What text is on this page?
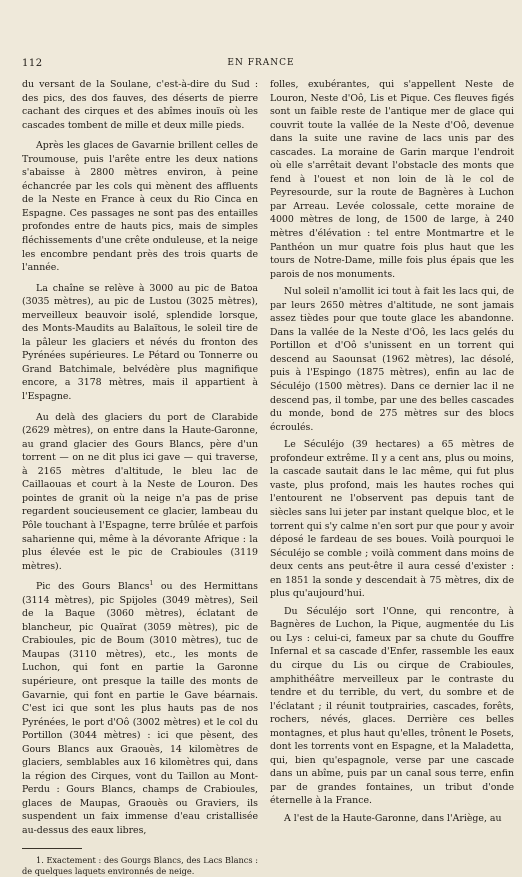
112	EN FRANCE

du versant de la Soulane, c'est-à-dire du Sud : des pics, des dos fauves, des déserts de pierre cachant des cirques et des abîmes inouïs où les cascades tombent de mille et deux mille pieds.

Après les glaces de Gavarnie brillent celles de Troumouse, puis l'arête entre les deux nations s'abaisse à 2800 mètres environ, à peine échancrée par les cols qui mènent des affluents de la Neste en France à ceux du Rio Cinca en Espagne. Ces passages ne sont pas des entailles profondes entre de hauts pics, mais de simples fléchissements d'une crête onduleuse, et la neige les encombre pendant près des trois quarts de l'année.

La chaîne se relève à 3000 au pic de Batoa (3035 mètres), au pic de Lustou (3025 mètres), merveilleux beauvoir isolé, splendide lorsque, des Monts-Maudits au Balaïtous, le soleil tire de la pâleur les glaciers et névés du fronton des Pyrénées supérieures. Le Pétard ou Tonnerre ou Grand Batchimale, belvédère plus magnifique encore, a 3178 mètres, mais il appartient à l'Espagne.

Au delà des glaciers du port de Clarabide (2629 mètres), on entre dans la Haute-Garonne, au grand glacier des Gours Blancs, père d'un torrent — on ne dit plus ici gave — qui traverse, à 2165 mètres d'altitude, le bleu lac de Caillaouas et court à la Neste de Louron. Des pointes de granit où la neige n'a pas de prise regardent soucieusement ce glacier, lambeau du Pôle touchant à l'Espagne, terre brûlée et parfois saharienne qui, même à la dévorante Afrique : la plus élevée est le pic de Crabioules (3119 mètres).

Pic des Gours Blancs$^1$ ou des Hermittans (3114 mètres), pic Spijoles (3049 mètres), Seil de la Baque (3060 mètres), éclatant de blancheur, pic Quaïrat (3059 mètres), pic de Crabioules, pic de Boum (3010 mètres), tuc de Maupas (3110 mètres), etc., les monts de Luchon, qui font en partie la Garonne supérieure, ont presque la taille des monts de Gavarnie, qui font en partie le Gave béarnais. C'est ici que sont les plus hauts pas de nos Pyrénées, le port d'Oô (3002 mètres) et le col du Portillon (3044 mètres) : ici que pèsent, des Gours Blancs aux Graouès, 14 kilomètres de glaciers, semblables aux 16 kilomètres qui, dans la région des Cirques, vont du Taillon au Mont-Perdu : Gours Blancs, champs de Crabioules, glaces de Maupas, Graouès ou Graviers, ils suspendent un faix immense d'eau cristallisée au-dessus des eaux libres,

1. Exactement : des Gourgs Blancs, des Lacs Blancs : de quelques laquets environnés de neige.

folles, exubérantes, qui s'appellent Neste de Louron, Neste d'Oô, Lis et Pique. Ces fleuves figés sont un faible reste de l'antique mer de glace qui couvrit toute la vallée de la Neste d'Oô, devenue dans la suite une ravine de lacs unis par des cascades. La moraine de Garin marque l'endroit où elle s'arrêtait devant l'obstacle des monts que fend à l'ouest et non loin de là le col de Peyresourde, sur la route de Bagnères à Luchon par Arreau. Levée colossale, cette moraine de 4000 mètres de long, de 1500 de large, à 240 mètres d'élévation : tel entre Montmartre et le Panthéon un mur quatre fois plus haut que les tours de Notre-Dame, mille fois plus épais que les parois de nos monuments.

Nul soleil n'amollit ici tout à fait les lacs qui, de par leurs 2650 mètres d'altitude, ne sont jamais assez tièdes pour que toute glace les abandonne. Dans la vallée de la Neste d'Oô, les lacs gelés du Portillon et d'Oô s'unissent en un torrent qui descend au Saounsat (1962 mètres), lac désolé, puis à l'Espingo (1875 mètres), enfin au lac de Séculéjo (1500 mètres). Dans ce dernier lac il ne descend pas, il tombe, par une des belles cascades du monde, bond de 275 mètres sur des blocs écroulés.

Le Séculéjo (39 hectares) a 65 mètres de profondeur extrême. Il y a cent ans, plus ou moins, la cascade sautait dans le lac même, qui fut plus vaste, plus profond, mais les hautes roches qui l'entourent ne l'observent pas depuis tant de siècles sans lui jeter par instant quelque bloc, et le torrent qui s'y calme n'en sort pur que pour y avoir déposé le fardeau de ses boues. Voilà pourquoi le Séculéjo se comble ; voilà comment dans moins de deux cents ans peut-être il aura cessé d'exister : en 1851 la sonde y descendait à 75 mètres, dix de plus qu'aujourd'hui.

Du Séculéjo sort l'Onne, qui rencontre, à Bagnères de Luchon, la Pique, augmentée du Lis ou Lys : celui-ci, fameux par sa chute du Gouffre Infernal et sa cascade d'Enfer, rassemble les eaux du cirque du Lis ou cirque de Crabioules, amphithéâtre merveilleux par le contraste du tendre et du terrible, du vert, du sombre et de l'éclatant ; il réunit toutprairies, cascades, forêts, rochers, névés, glaces. Derrière ces belles montagnes, et plus haut qu'elles, trônent le Posets, dont les torrents vont en Espagne, et la Maladetta, qui, bien qu'espagnole, verse par une cascade dans un abîme, puis par un canal sous terre, enfin par de grandes fontaines, un tribut d'onde éternelle à la France.

A l'est de la Haute-Garonne, dans l'Ariège, au
